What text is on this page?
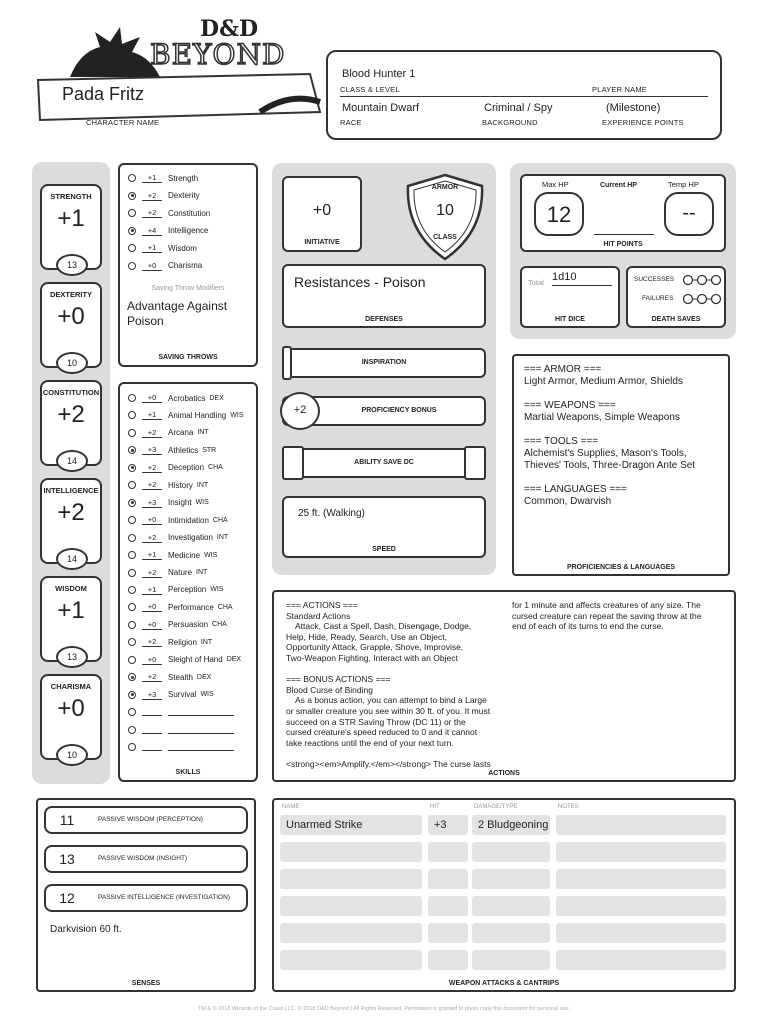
D&D
BEYOND
Pada Fritz
CHARACTER NAME
Blood Hunter 1
CLASS & LEVEL	PLAYER NAME
Mountain Dwarf
RACE
Criminal / Spy
BACKGROUND
(Milestone)
EXPERIENCE POINTS
+1	Strength
+2	Dexterity
+2	Constitution
+4	Intelligence
+1	Wisdom
+0	Charisma
Saving Throw Modifiers
Advantage Against Poison
SAVING THROWS
+0	Acrobatics DEX
+1	Animal Handling WIS
+2	Arcana INT
+3	Athletics STR
+2	Deception CHA
+2	History INT
+3	Insight WIS
+0	Intimidation CHA
+2	Investigation INT
+1	Medicine WIS
+2	Nature INT
+1	Perception WIS
+0	Performance CHA
+0	Persuasion CHA
+2	Religion INT
+0	Sleight of Hand DEX
+2	Stealth DEX
+3	Survival WIS
SKILLS
+0
INITIATIVE
ARMOR
10
CLASS
Resistances - Poison
DEFENSES
INSPIRATION
+2	PROFICIENCY BONUS
ABILITY SAVE DC
25 ft. (Walking)
SPEED
Max HP
12
Current HP	Temp HP
--
HIT POINTS
Total 1d10
HIT DICE
SUCCESSES
FAILURES
DEATH SAVES
=== ARMOR ===
Light Armor, Medium Armor, Shields
=== WEAPONS ===
Martial Weapons, Simple Weapons
=== TOOLS ===
Alchemist's Supplies, Mason's Tools,
Thieves' Tools, Three-Dragon Ante Set
=== LANGUAGES ===
Common, Dwarvish
PROFICIENCIES & LANGUAGES
=== ACTIONS ===
Standard Actions
Attack, Cast a Spell, Dash, Disengage, Dodge,
Help, Hide, Ready, Search, Use an Object,
Opportunity Attack, Grapple, Shove, Improvise,
Two-Weapon Fighting, Interact with an Object
=== BONUS ACTIONS ===
Blood Curse of Binding
As a bonus action, you can attempt to bind a Large
or smaller creature you see within 30 ft. of you. It must
succeed on a STR Saving Throw (DC 11) or the
cursed creature's speed reduced to 0 and it cannot
take reactions until the end of your next turn.
<strong><em>Amplify.</em></strong> The curse lasts
for 1 minute and affects creatures of any size. The
cursed creature can repeat the saving throw at the
end of each of its turns to end the curse.
ACTIONS
Darkvision 60 ft.
SENSES
NAME	HIT	DAMAGE/TYPE	NOTES
WEAPON ATTACKS & CANTRIPS
TM & © 2018 Wizards of the Coast LLC. © 2018 D&D Beyond | All Rights Reserved. Permission is granted to photo copy this document for personal use.
STRENGTH
+1
13
DEXTERITY
+0
10
CONSTITUTION
+2
14
INTELLIGENCE
+2
14
WISDOM
+1
13
CHARISMA
+0
10
11	PASSIVE WISDOM (PERCEPTION)
13	PASSIVE WISDOM (INSIGHT)
12	PASSIVE INTELLIGENCE (INVESTIGATION)
Unarmed Strike	+3	2 Bludgeoning
